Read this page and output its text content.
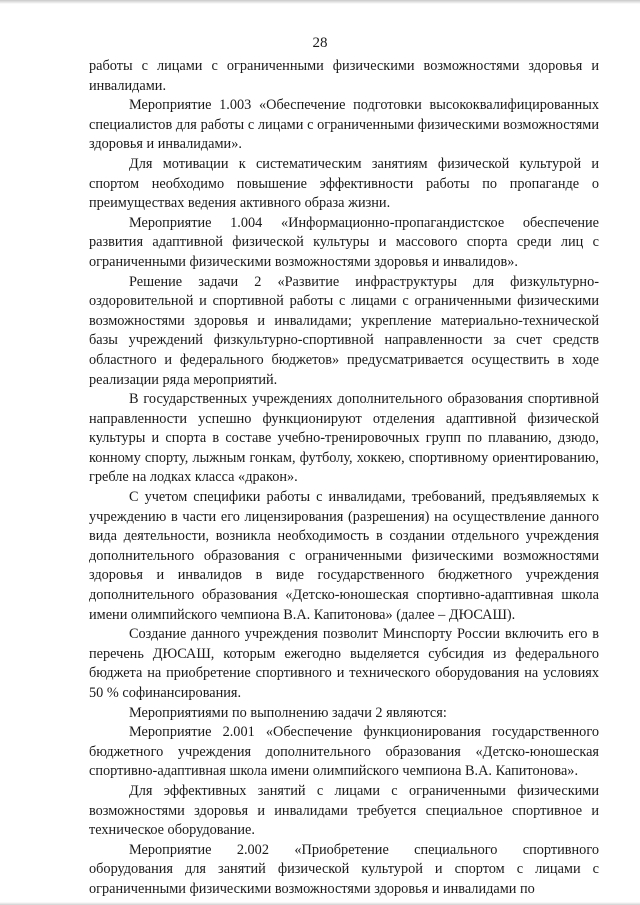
28

работы с лицами с ограниченными физическими возможностями здоровья и инвалидами.

Мероприятие 1.003 «Обеспечение подготовки высококвалифицированных специалистов для работы с лицами с ограниченными физическими возможностями здоровья и инвалидами».

Для мотивации к систематическим занятиям физической культурой и спортом необходимо повышение эффективности работы по пропаганде о преимуществах ведения активного образа жизни.

Мероприятие 1.004 «Информационно-пропагандистское обеспечение развития адаптивной физической культуры и массового спорта среди лиц с ограниченными физическими возможностями здоровья и инвалидов».

Решение задачи 2 «Развитие инфраструктуры для физкультурно-оздоровительной и спортивной работы с лицами с ограниченными физическими возможностями здоровья и инвалидами; укрепление материально-технической базы учреждений физкультурно-спортивной направленности за счет средств областного и федерального бюджетов» предусматривается осуществить в ходе реализации ряда мероприятий.

В государственных учреждениях дополнительного образования спортивной направленности успешно функционируют отделения адаптивной физической культуры и спорта в составе учебно-тренировочных групп по плаванию, дзюдо, конному спорту, лыжным гонкам, футболу, хоккею, спортивному ориентированию, гребле на лодках класса «дракон».

С учетом специфики работы с инвалидами, требований, предъявляемых к учреждению в части его лицензирования (разрешения) на осуществление данного вида деятельности, возникла необходимость в создании отдельного учреждения дополнительного образования с ограниченными физическими возможностями здоровья и инвалидов в виде государственного бюджетного учреждения дополнительного образования «Детско-юношеская спортивно-адаптивная школа имени олимпийского чемпиона В.А. Капитонова» (далее – ДЮСАШ).

Создание данного учреждения позволит Минспорту России включить его в перечень ДЮСАШ, которым ежегодно выделяется субсидия из федерального бюджета на приобретение спортивного и технического оборудования на условиях 50 % софинансирования.

Мероприятиями по выполнению задачи 2 являются:

Мероприятие 2.001 «Обеспечение функционирования государственного бюджетного учреждения дополнительного образования «Детско-юношеская спортивно-адаптивная школа имени олимпийского чемпиона В.А. Капитонова».

Для эффективных занятий с лицами с ограниченными физическими возможностями здоровья и инвалидами требуется специальное спортивное и техническое оборудование.

Мероприятие 2.002 «Приобретение специального спортивного оборудования для занятий физической культурой и спортом с лицами с ограниченными физическими возможностями здоровья и инвалидами по
